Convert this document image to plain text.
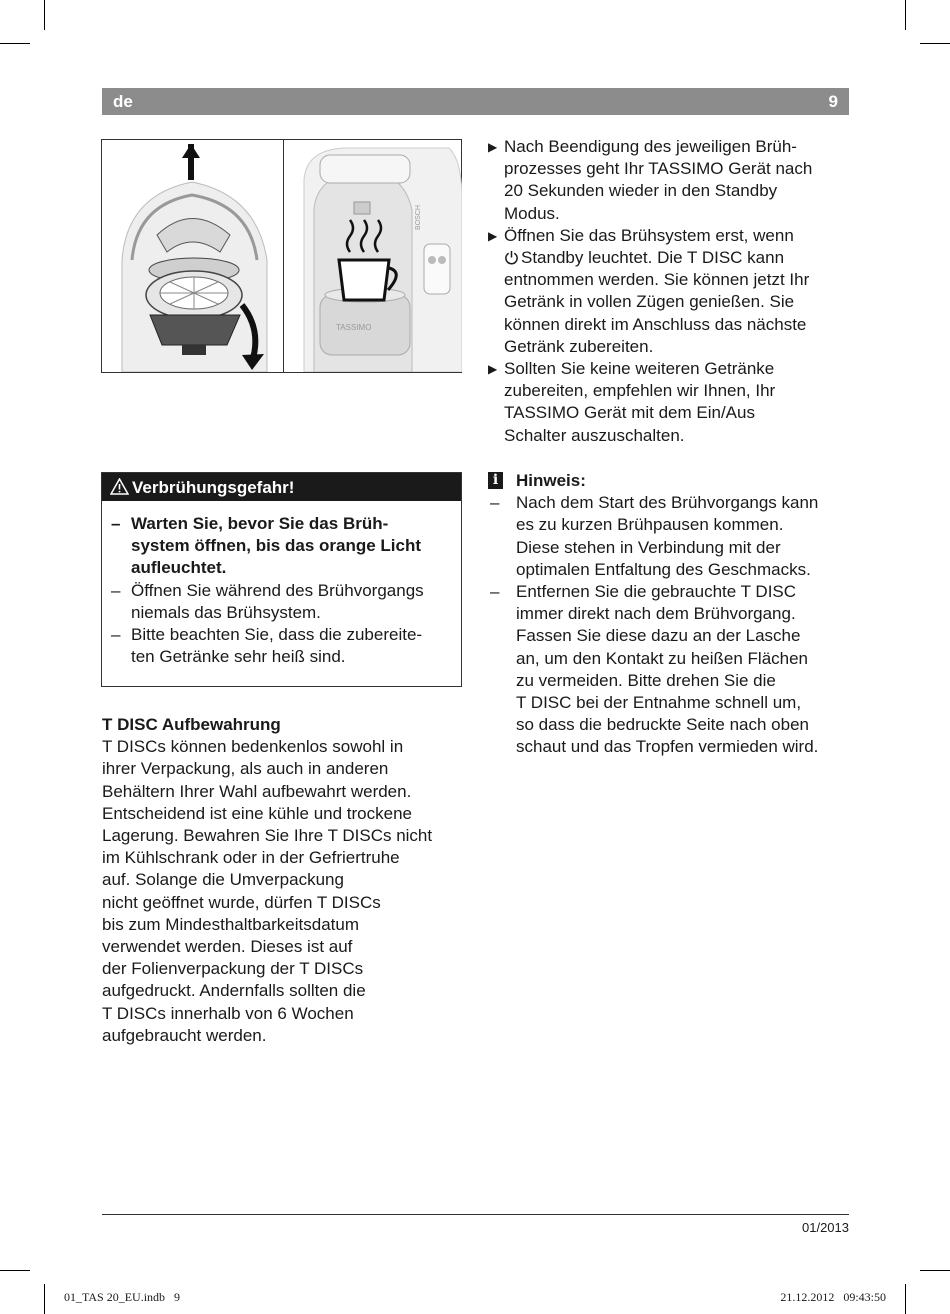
de	9
BOSCH
TASSIMO
▶ Nach Beendigung des jeweiligen Brüh-
prozesses geht Ihr TASSIMO Gerät nach
20 Sekunden wieder in den Standby
Modus.
▶ Öffnen Sie das Brühsystem erst, wenn
Standby leuchtet. Die T DISC kann
entnommen werden. Sie können jetzt Ihr
Getränk in vollen Zügen genießen. Sie
können direkt im Anschluss das nächste
Getränk zubereiten.
▶ Sollten Sie keine weiteren Getränke
zubereiten, empfehlen wir Ihnen, Ihr
TASSIMO Gerät mit dem Ein/Aus
Schalter auszuschalten.
Verbrühungsgefahr!
– Warten Sie, bevor Sie das Brüh-
system öffnen, bis das orange Licht
aufleuchtet.
– Öffnen Sie während des Brühvorgangs
niemals das Brühsystem.
– Bitte beachten Sie, dass die zubereite-
ten Getränke sehr heiß sind.
i Hinweis:
– Nach dem Start des Brühvorgangs kann
es zu kurzen Brühpausen kommen.
Diese stehen in Verbindung mit der
optimalen Entfaltung des Geschmacks.
– Entfernen Sie die gebrauchte T DISC
immer direkt nach dem Brühvorgang.
Fassen Sie diese dazu an der Lasche
an, um den Kontakt zu heißen Flächen
zu vermeiden. Bitte drehen Sie die
T DISC bei der Entnahme schnell um,
so dass die bedruckte Seite nach oben
schaut und das Tropfen vermieden wird.
T DISC Aufbewahrung
T DISCs können bedenkenlos sowohl in
ihrer Verpackung, als auch in anderen
Behältern Ihrer Wahl aufbewahrt werden.
Entscheidend ist eine kühle und trockene
Lagerung. Bewahren Sie Ihre T DISCs nicht
im Kühlschrank oder in der Gefriertruhe
auf. Solange die Umverpackung
nicht geöffnet wurde, dürfen T DISCs
bis zum Mindesthaltbarkeitsdatum
verwendet werden. Dieses ist auf
der Folienverpackung der T DISCs
aufgedruckt. Andernfalls sollten die
T DISCs innerhalb von 6 Wochen
aufgebraucht werden.
01/2013
01_TAS 20_EU.indb   9	21.12.2012   09:43:50
